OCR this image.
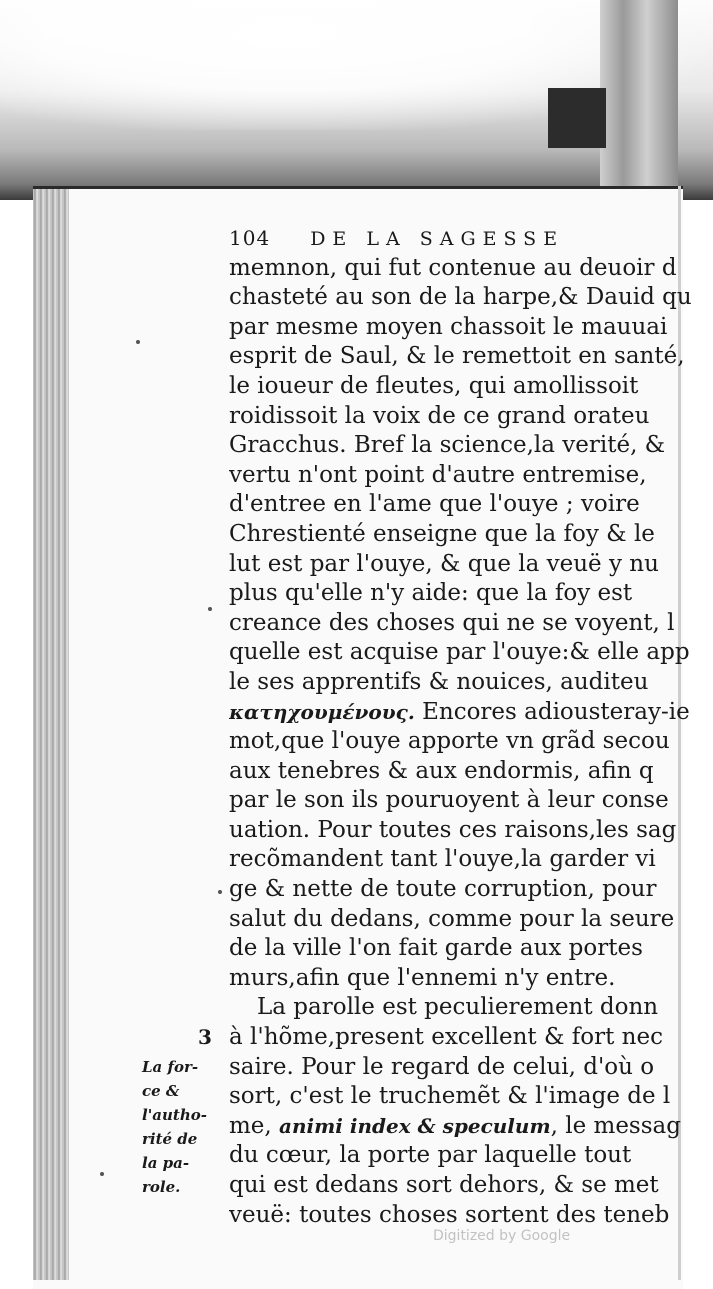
104 DE LA SAGESSE
memnon, qui fut contenue au deuoir d
chasteté au son de la harpe,& Dauid qu
par mesme moyen chassoit le mauuai
esprit de Saul, & le remettoit en santé,
le ioueur de fleutes, qui amollissoit
roidissoit la voix de ce grand orateu
Gracchus. Bref la science,la verité, &
vertu n'ont point d'autre entremise,
d'entree en l'ame que l'ouye ; voire
Chrestienté enseigne que la foy & le
lut est par l'ouye, & que la veuë y nu
plus qu'elle n'y aide: que la foy est
creance des choses qui ne se voyent, l
quelle est acquise par l'ouye:& elle app
le ses apprentifs & nouices, auditeu
κατηχουμένους. Encores adiousteray-ie
mot,que l'ouye apporte vn grãd secou
aux tenebres & aux endormis, afin q
par le son ils pouruoyent à leur conse
uation. Pour toutes ces raisons,les sag
recõmandent tant l'ouye,la garder vi
ge & nette de toute corruption, pour
salut du dedans, comme pour la seure
de la ville l'on fait garde aux portes
murs,afin que l'ennemi n'y entre.
La parolle est peculierement donn
à l'hõme,present excellent & fort nec
saire. Pour le regard de celui, d'où o
sort, c'est le truchemẽt & l'image de l
me, animi index & speculum, le messag
du cœur, la porte par laquelle tout
qui est dedans sort dehors, & se met
veuë: toutes choses sortent des teneb
3
La for-
ce &
l'autho-
rité de
la pa-
role.
Digitized by Google
